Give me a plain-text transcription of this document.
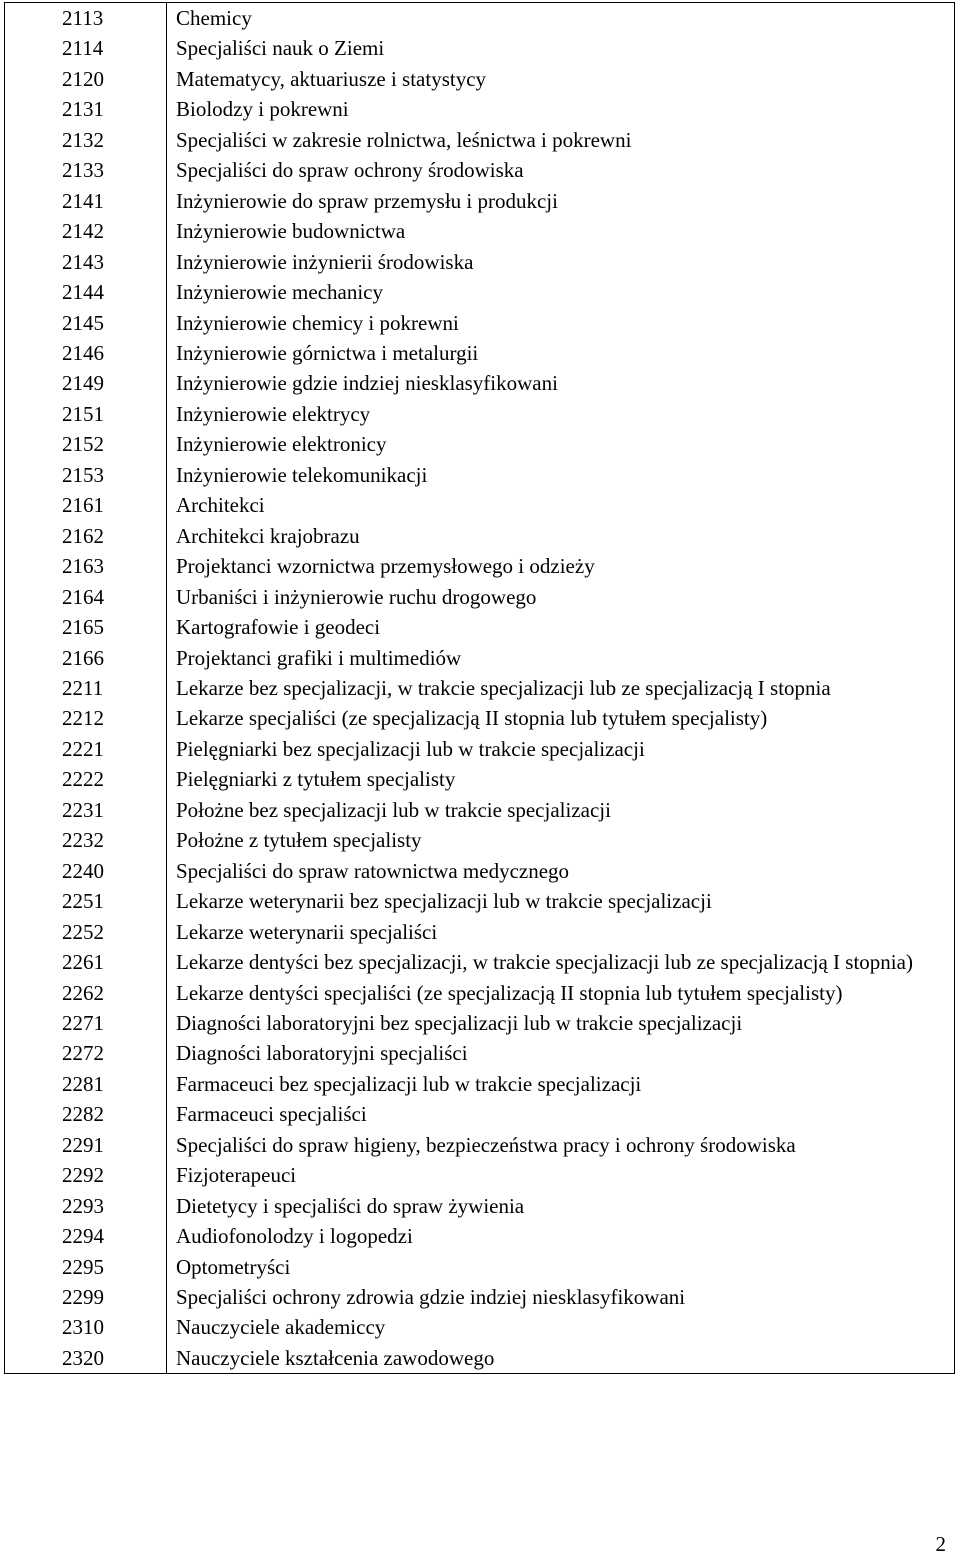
2113	Chemicy
2114	Specjaliści nauk o Ziemi
2120	Matematycy, aktuariusze i statystycy
2131	Biolodzy i pokrewni
2132	Specjaliści w zakresie rolnictwa, leśnictwa i pokrewni
2133	Specjaliści do spraw ochrony środowiska
2141	Inżynierowie do spraw przemysłu i produkcji
2142	Inżynierowie budownictwa
2143	Inżynierowie inżynierii środowiska
2144	Inżynierowie mechanicy
2145	Inżynierowie chemicy i pokrewni
2146	Inżynierowie górnictwa i metalurgii
2149	Inżynierowie gdzie indziej niesklasyfikowani
2151	Inżynierowie elektrycy
2152	Inżynierowie elektronicy
2153	Inżynierowie telekomunikacji
2161	Architekci
2162	Architekci krajobrazu
2163	Projektanci wzornictwa przemysłowego i odzieży
2164	Urbaniści i inżynierowie ruchu drogowego
2165	Kartografowie i geodeci
2166	Projektanci grafiki i multimediów
2211	Lekarze bez specjalizacji, w trakcie specjalizacji lub ze specjalizacją I stopnia
2212	Lekarze specjaliści (ze specjalizacją II stopnia lub tytułem specjalisty)
2221	Pielęgniarki bez specjalizacji lub w trakcie specjalizacji
2222	Pielęgniarki z tytułem specjalisty
2231	Położne bez specjalizacji lub w trakcie specjalizacji
2232	Położne z tytułem specjalisty
2240	Specjaliści do spraw ratownictwa medycznego
2251	Lekarze weterynarii bez specjalizacji lub w trakcie specjalizacji
2252	Lekarze weterynarii specjaliści
2261	Lekarze dentyści bez specjalizacji, w trakcie specjalizacji lub ze specjalizacją I stopnia)
2262	Lekarze dentyści specjaliści (ze specjalizacją II stopnia lub tytułem specjalisty)
2271	Diagności laboratoryjni bez specjalizacji lub w trakcie specjalizacji
2272	Diagności laboratoryjni specjaliści
2281	Farmaceuci bez specjalizacji lub w trakcie specjalizacji
2282	Farmaceuci specjaliści
2291	Specjaliści do spraw higieny, bezpieczeństwa pracy i ochrony środowiska
2292	Fizjoterapeuci
2293	Dietetycy i specjaliści do spraw żywienia
2294	Audiofonolodzy i logopedzi
2295	Optometryści
2299	Specjaliści ochrony zdrowia gdzie indziej niesklasyfikowani
2310	Nauczyciele akademiccy
2320	Nauczyciele kształcenia zawodowego
2
